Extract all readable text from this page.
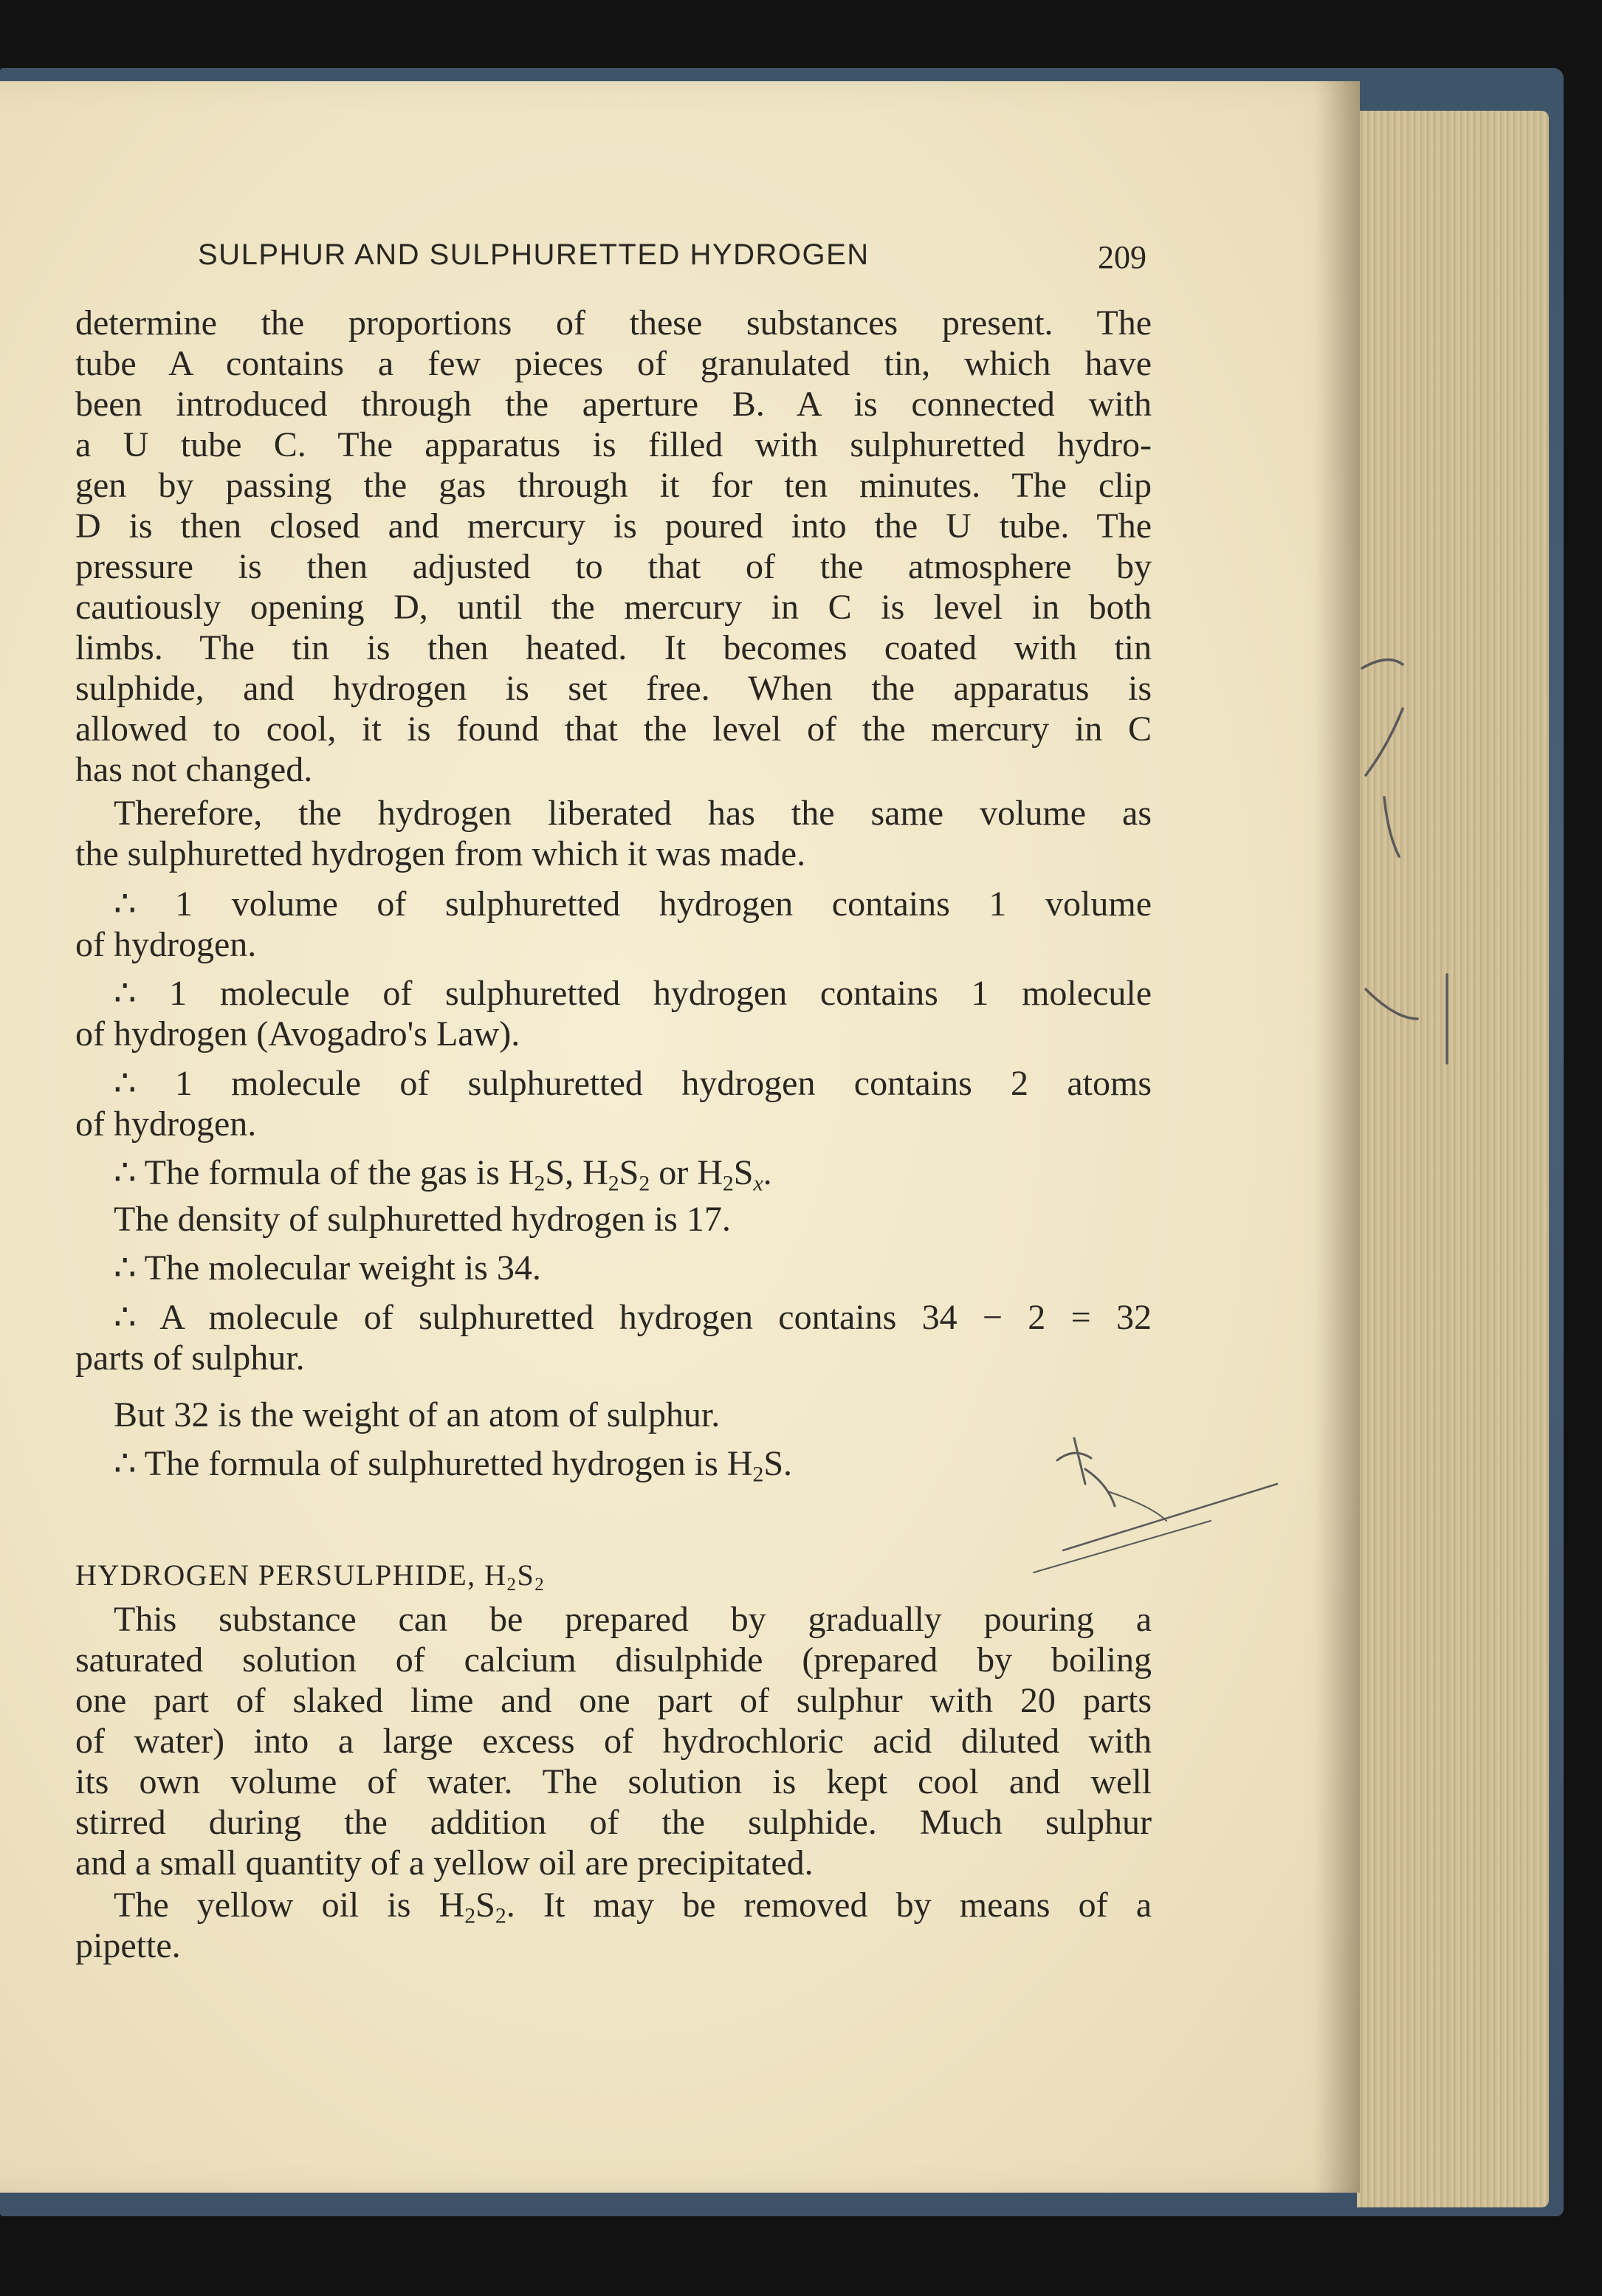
SULPHUR AND SULPHURETTED HYDROGEN	209

determine the proportions of these substances present. The

tube A contains a few pieces of granulated tin, which have

been introduced through the aperture B. A is connected with

a U tube C. The apparatus is filled with sulphuretted hydro-

gen by passing the gas through it for ten minutes. The clip

D is then closed and mercury is poured into the U tube. The

pressure is then adjusted to that of the atmosphere by

cautiously opening D, until the mercury in C is level in both

limbs. The tin is then heated. It becomes coated with tin

sulphide, and hydrogen is set free. When the apparatus is

allowed to cool, it is found that the level of the mercury in C

has not changed.

Therefore, the hydrogen liberated has the same volume as

the sulphuretted hydrogen from which it was made.

∴ 1 volume of sulphuretted hydrogen contains 1 volume

of hydrogen.

∴ 1 molecule of sulphuretted hydrogen contains 1 molecule

of hydrogen (Avogadro's Law).

∴ 1 molecule of sulphuretted hydrogen contains 2 atoms

of hydrogen.

∴ The formula of the gas is $H_2S$, $H_2S_2$ or $H_2S_x$.

The density of sulphuretted hydrogen is 17.

∴ The molecular weight is 34.

∴ A molecule of sulphuretted hydrogen contains 34 − 2 = 32

parts of sulphur.

But 32 is the weight of an atom of sulphur.

∴ The formula of sulphuretted hydrogen is $H_2S$.

HYDROGEN PERSULPHIDE, $H_2S_2$

This substance can be prepared by gradually pouring a

saturated solution of calcium disulphide (prepared by boiling

one part of slaked lime and one part of sulphur with 20 parts

of water) into a large excess of hydrochloric acid diluted with

its own volume of water. The solution is kept cool and well

stirred during the addition of the sulphide. Much sulphur

and a small quantity of a yellow oil are precipitated.

The yellow oil is $H_2S_2$. It may be removed by means of a

pipette.
